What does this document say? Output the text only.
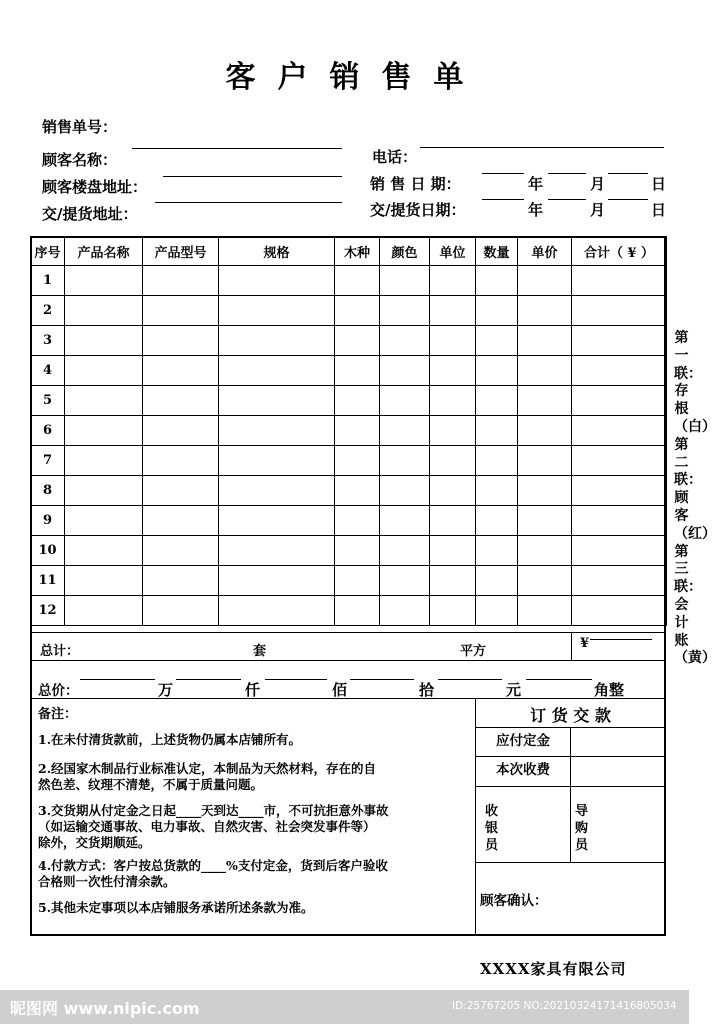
客户销售单
销售单号：
顾客名称：
顾客楼盘地址：
交/提货地址：
电话：
销 售 日 期：	年	月	日
交/提货日期：	年	月	日
序号	产品名称	产品型号	规格	木种	颜色	单位	数量	单价	合计（ ¥ ）
1									
2									
3									
4									
5									
6									
7									
8									
9									
10									
11									
12									
总计：	套	平方
¥
总价：	万	仟	佰	拾	元	角整
备注：
1.在未付清货款前，上述货物仍属本店铺所有。
2.经国家木制品行业标准认定，本制品为天然材料，存在的自
然色差、纹理不清楚，不属于质量问题。
3.交货期从付定金之日起____天到达____市，不可抗拒意外事故
（如运输交通事故、电力事故、自然灾害、社会突发事件等）
除外，交货期顺延。
4.付款方式：客户按总货款的____%支付定金，货到后客户验收
合格则一次性付清余款。
5.其他未定事项以本店铺服务承诺所述条款为准。
订 货 交 款
应付定金
本次收费
收银员
导购员
顾客确认：
第一联：存根（白）第二联：顾客（红）第三联：会计账（黄）
XXXX家具有限公司
昵图网 www.nipic.com	ID:25767205 NO:20210324171416805034
